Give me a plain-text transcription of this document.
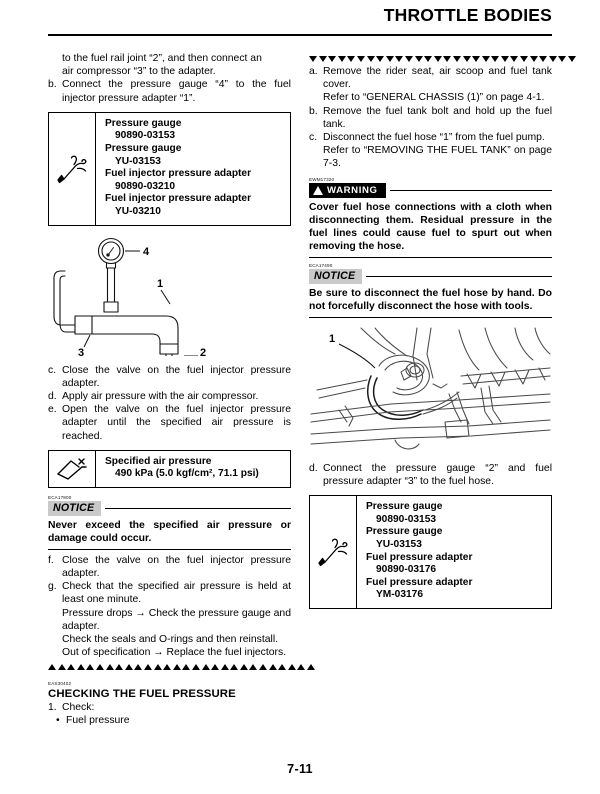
THROTTLE BODIES
to the fuel rail joint “2”, and then connect an
air compressor “3” to the adapter.
b. Connect the pressure gauge “4” to the fuel injector pressure adapter “1”.
Pressure gauge
90890-03153
Pressure gauge
YU-03153
Fuel injector pressure adapter
90890-03210
Fuel injector pressure adapter
YU-03210
4
1
3	2
c. Close the valve on the fuel injector pressure adapter.
d. Apply air pressure with the air compressor.
e. Open the valve on the fuel injector pressure adapter until the specified air pressure is reached.
Specified air pressure
490 kPa (5.0 kgf/cm², 71.1 psi)
ECA17800
NOTICE
Never exceed the specified air pressure or damage could occur.
f. Close the valve on the fuel injector pressure adapter.
g. Check that the specified air pressure is held at least one minute.
Pressure drops → Check the pressure gauge and adapter.
Check the seals and O-rings and then reinstall.
Out of specification → Replace the fuel injectors.
EAS30402
CHECKING THE FUEL PRESSURE
1. Check:
• Fuel pressure
a. Remove the rider seat, air scoop and fuel tank cover.
Refer to “GENERAL CHASSIS (1)” on page 4-1.
b. Remove the fuel tank bolt and hold up the fuel tank.
c. Disconnect the fuel hose “1” from the fuel pump.
Refer to “REMOVING THE FUEL TANK” on page 7-3.
EWM17320
WARNING
Cover fuel hose connections with a cloth when disconnecting them. Residual pressure in the fuel lines could cause fuel to spurt out when removing the hose.
ECA17490
NOTICE
Be sure to disconnect the fuel hose by hand. Do not forcefully disconnect the hose with tools.
1
d. Connect the pressure gauge “2” and fuel pressure adapter “3” to the fuel hose.
Pressure gauge
90890-03153
Pressure gauge
YU-03153
Fuel pressure adapter
90890-03176
Fuel pressure adapter
YM-03176
7-11
